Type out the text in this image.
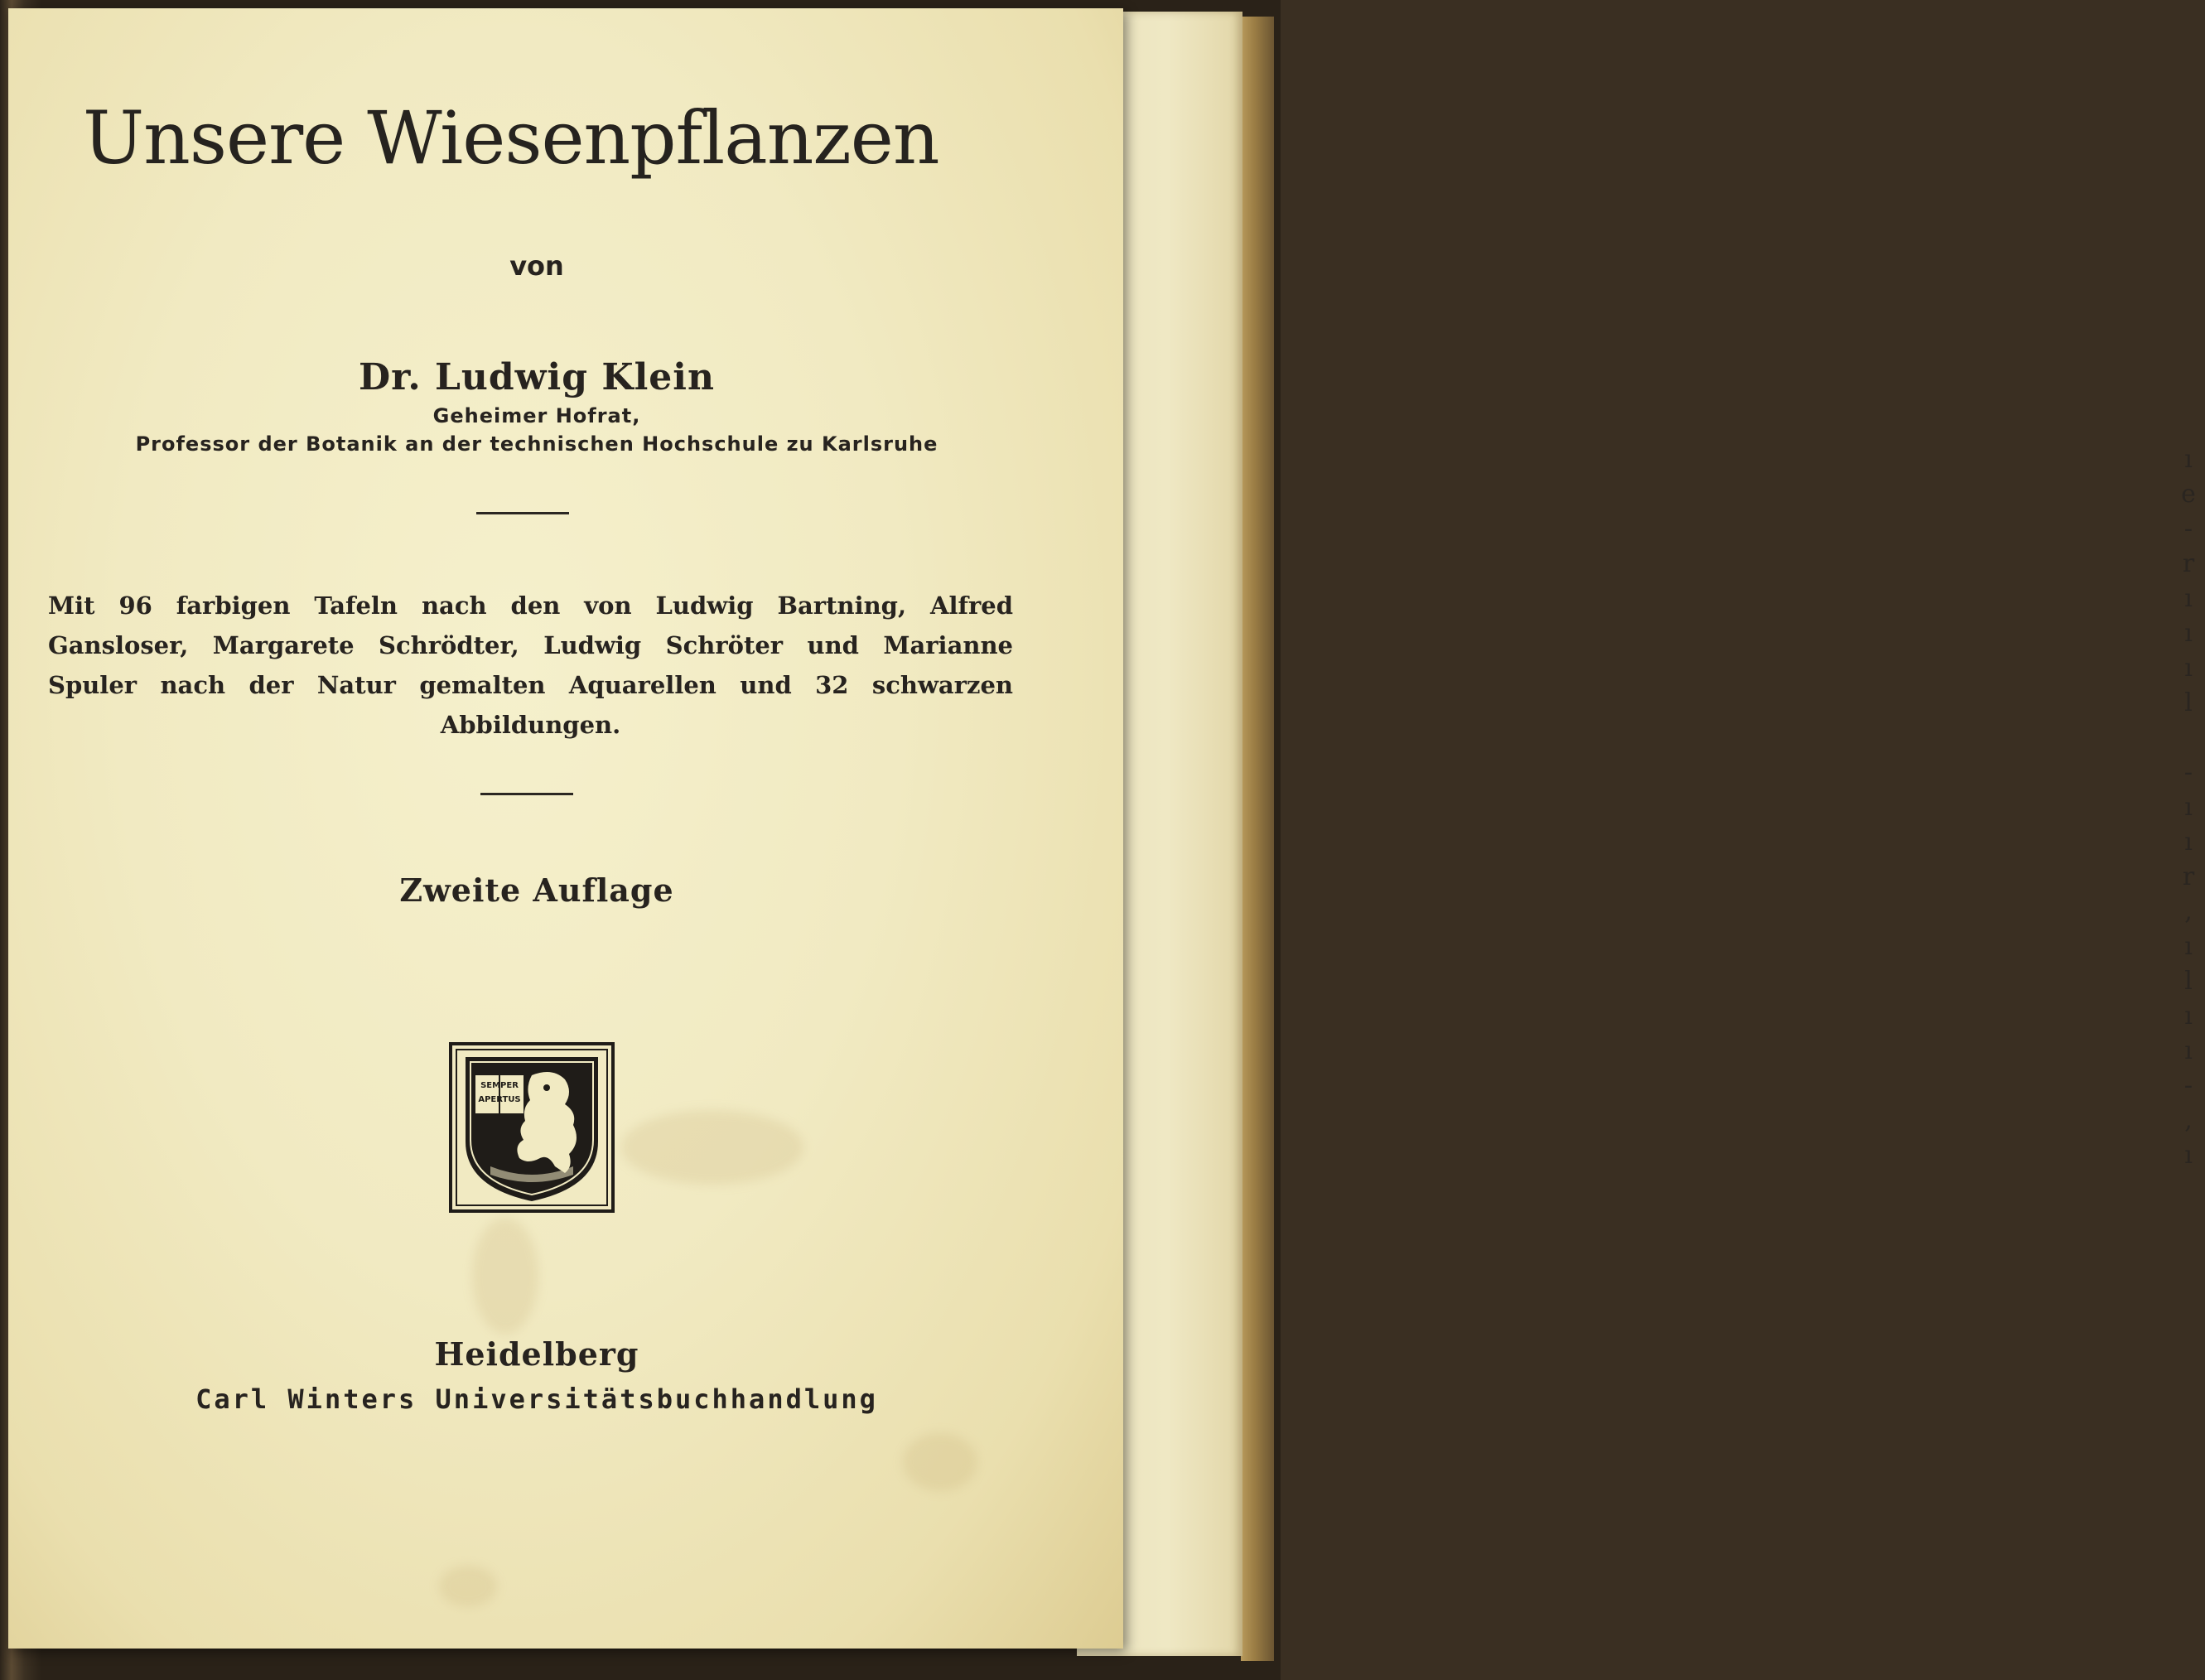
ı
e
-
r
ı
ı
ı
l

-
ı
ı
r
,
ı
l
ı
ı
-
,
ı
Unsere Wiesenpflanzen
von
Dr. Ludwig Klein
Geheimer Hofrat,
Professor der Botanik an der technischen Hochschule zu Karlsruhe
Mit 96 farbigen Tafeln nach den von Ludwig Bartning, Alfred Gansloser, Margarete Schrödter, Ludwig Schröter und Marianne Spuler nach der Natur gemalten Aquarellen und 32 schwarzen Abbildungen.
Zweite Auflage
SEMPER
APERTUS
Heidelberg
Carl Winters Universitätsbuchhandlung
